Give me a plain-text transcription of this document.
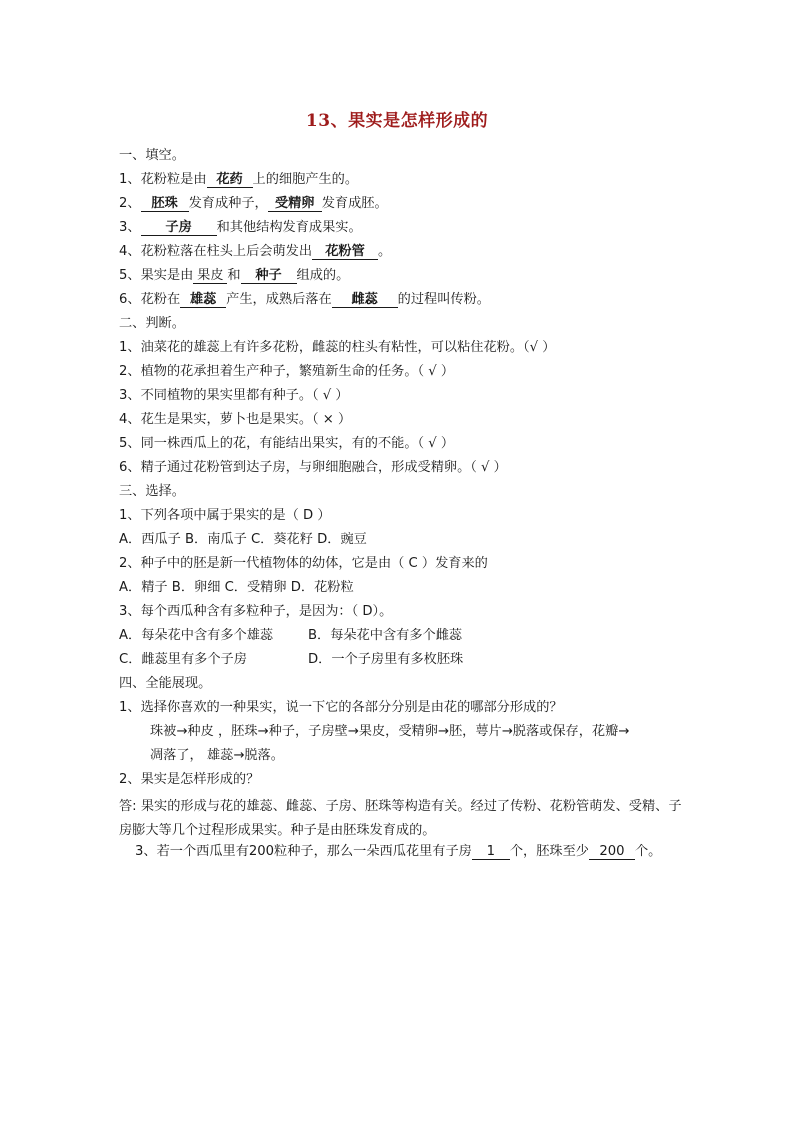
13、果实是怎样形成的
一、填空。
1、花粉粒是由 花药 上的细胞产生的。
2、 胚珠 发育成种子， 受精卵 发育成胚。
3、 子房 和其他结构发育成果实。
4、花粉粒落在柱头上后会萌发出 花粉管 。
5、果实是由 果皮 和 种子 组成的。
6、花粉在 雄蕊 产生，成熟后落在 雌蕊 的过程叫传粉。
二、判断。
1、油菜花的雄蕊上有许多花粉，雌蕊的柱头有粘性，可以粘住花粉。（√ ）
2、植物的花承担着生产种子，繁殖新生命的任务。（ √ ）
3、不同植物的果实里都有种子。（ √ ）
4、花生是果实，萝卜也是果实。（ × ）
5、同一株西瓜上的花，有能结出果实，有的不能。（ √ ）
6、精子通过花粉管到达子房，与卵细胞融合，形成受精卵。（ √ ）
三、选择。
1、下列各项中属于果实的是（ D ）
A．西瓜子 B．南瓜子 C．葵花籽 D．豌豆
2、种子中的胚是新一代植物体的幼体，它是由（ C ）发育来的
A．精子 B．卵细 C．受精卵 D．花粉粒
3、每个西瓜种含有多粒种子，是因为：（ D）。
A．每朵花中含有多个雄蕊	B．每朵花中含有多个雌蕊
C．雌蕊里有多个子房	D．一个子房里有多枚胚珠
四、全能展现。
1、选择你喜欢的一种果实，说一下它的各部分分别是由花的哪部分形成的？
珠被→种皮 ，胚珠→种子，子房壁→果皮，受精卵→胚，萼片→脱落或保存，花瓣→
凋落了， 雄蕊→脱落。
2、果实是怎样形成的？
答: 果实的形成与花的雄蕊、雌蕊、子房、胚珠等构造有关。经过了传粉、花粉管萌发、受精、子房膨大等几个过程形成果实。种子是由胚珠发育成的。
3、若一个西瓜里有200粒种子，那么一朵西瓜花里有子房 1 个，胚珠至少 200 个。
